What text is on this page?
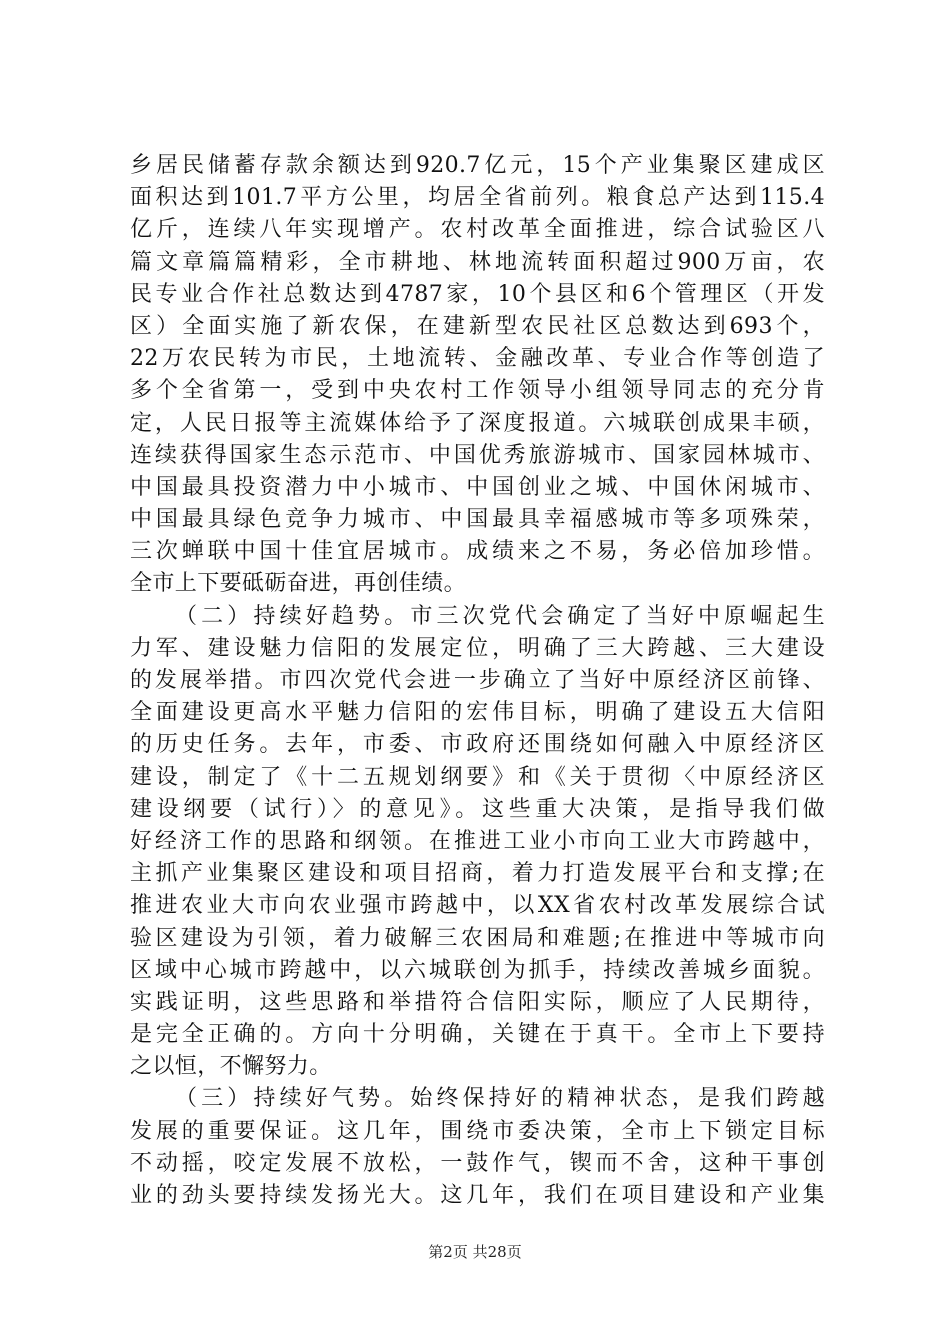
乡居民储蓄存款余额达到920.7亿元，15个产业集聚区建成区
面积达到101.7平方公里，均居全省前列。粮食总产达到115.4
亿斤，连续八年实现增产。农村改革全面推进，综合试验区八
篇文章篇篇精彩，全市耕地、林地流转面积超过900万亩，农
民专业合作社总数达到4787家，10个县区和6个管理区（开发
区）全面实施了新农保，在建新型农民社区总数达到693个，
22万农民转为市民，土地流转、金融改革、专业合作等创造了
多个全省第一，受到中央农村工作领导小组领导同志的充分肯
定，人民日报等主流媒体给予了深度报道。六城联创成果丰硕，
连续获得国家生态示范市、中国优秀旅游城市、国家园林城市、
中国最具投资潜力中小城市、中国创业之城、中国休闲城市、
中国最具绿色竞争力城市、中国最具幸福感城市等多项殊荣，
三次蝉联中国十佳宜居城市。成绩来之不易，务必倍加珍惜。
全市上下要砥砺奋进，再创佳绩。
（二）持续好趋势。市三次党代会确定了当好中原崛起生
力军、建设魅力信阳的发展定位，明确了三大跨越、三大建设
的发展举措。市四次党代会进一步确立了当好中原经济区前锋、
全面建设更高水平魅力信阳的宏伟目标，明确了建设五大信阳
的历史任务。去年，市委、市政府还围绕如何融入中原经济区
建设，制定了《十二五规划纲要》和《关于贯彻〈中原经济区
建设纲要（试行）〉的意见》。这些重大决策，是指导我们做
好经济工作的思路和纲领。在推进工业小市向工业大市跨越中，
主抓产业集聚区建设和项目招商，着力打造发展平台和支撑;在
推进农业大市向农业强市跨越中，以XX省农村改革发展综合试
验区建设为引领，着力破解三农困局和难题;在推进中等城市向
区域中心城市跨越中，以六城联创为抓手，持续改善城乡面貌。
实践证明，这些思路和举措符合信阳实际，顺应了人民期待，
是完全正确的。方向十分明确，关键在于真干。全市上下要持
之以恒，不懈努力。
（三）持续好气势。始终保持好的精神状态，是我们跨越
发展的重要保证。这几年，围绕市委决策，全市上下锁定目标
不动摇，咬定发展不放松，一鼓作气，锲而不舍，这种干事创
业的劲头要持续发扬光大。这几年，我们在项目建设和产业集
第2页 共28页
